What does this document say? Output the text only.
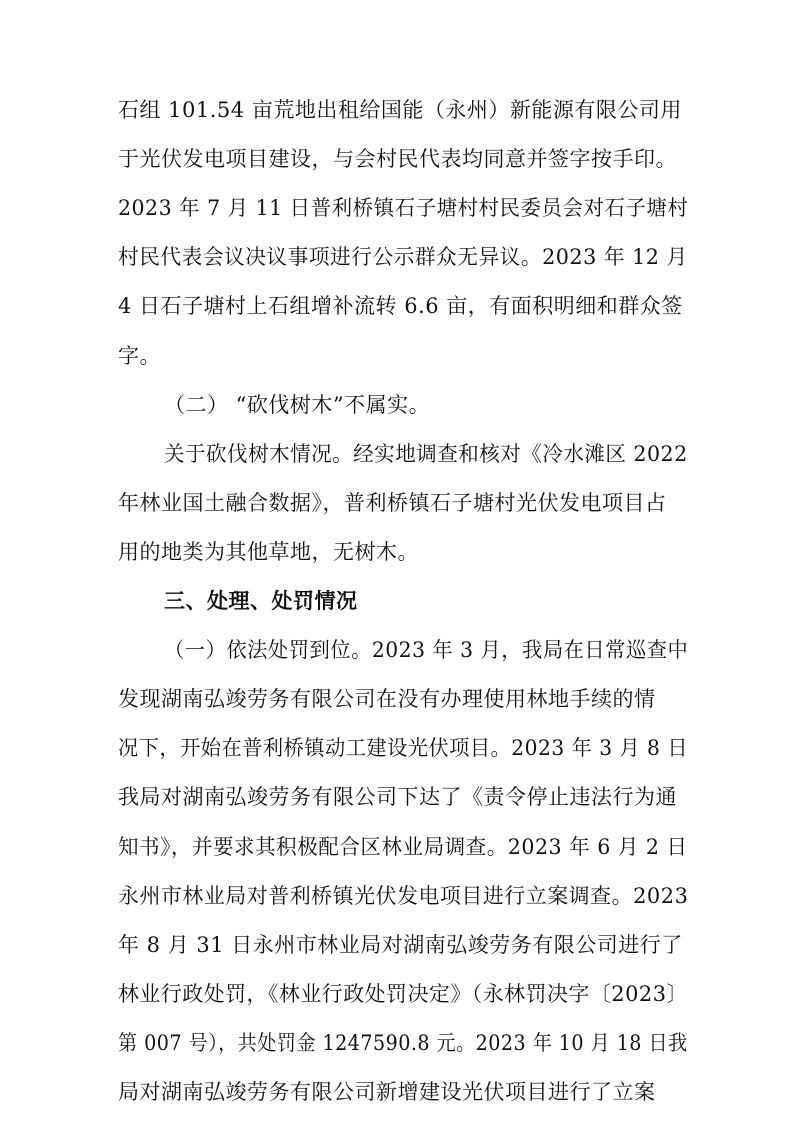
石组 101.54 亩荒地出租给国能（永州）新能源有限公司用
于光伏发电项目建设，与会村民代表均同意并签字按手印。
2023 年 7 月 11 日普利桥镇石子塘村村民委员会对石子塘村
村民代表会议决议事项进行公示群众无异议。2023 年 12 月
4 日石子塘村上石组增补流转 6.6 亩，有面积明细和群众签
字。
（二） “砍伐树木”不属实。
关于砍伐树木情况。经实地调查和核对《冷水滩区 2022
年林业国土融合数据》，普利桥镇石子塘村光伏发电项目占
用的地类为其他草地，无树木。
三、处理、处罚情况
（一）依法处罚到位。2023 年 3 月，我局在日常巡查中
发现湖南弘竣劳务有限公司在没有办理使用林地手续的情
况下，开始在普利桥镇动工建设光伏项目。2023 年 3 月 8 日
我局对湖南弘竣劳务有限公司下达了《责令停止违法行为通
知书》，并要求其积极配合区林业局调查。2023 年 6 月 2 日
永州市林业局对普利桥镇光伏发电项目进行立案调查。2023
年 8 月 31 日永州市林业局对湖南弘竣劳务有限公司进行了
林业行政处罚，《林业行政处罚决定》（永林罚决字〔2023〕
第 007 号），共处罚金 1247590.8 元。2023 年 10 月 18 日我
局对湖南弘竣劳务有限公司新增建设光伏项目进行了立案
